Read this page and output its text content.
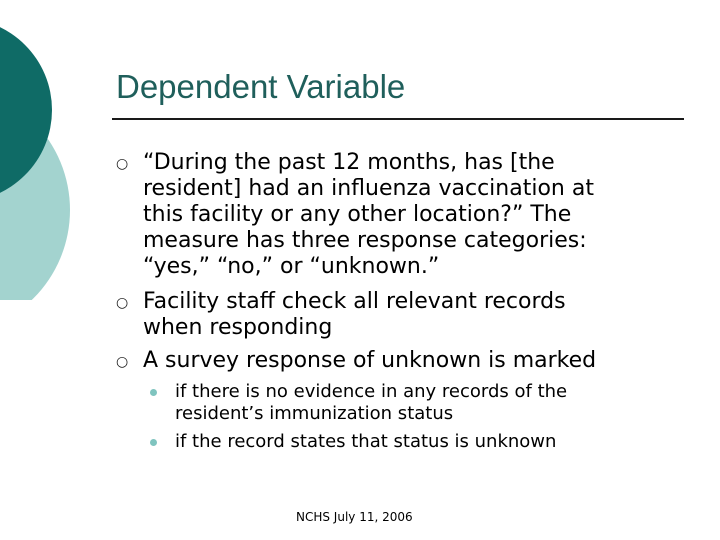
Dependent Variable
○ “During the past 12 months, has [the
resident] had an influenza vaccination at
this facility or any other location?” The
measure has three response categories:
“yes,” “no,” or “unknown.”
○ Facility staff check all relevant records
when responding
○ A survey response of unknown is marked
if there is no evidence in any records of the
resident’s immunization status
if the record states that status is unknown
NCHS July 11, 2006
